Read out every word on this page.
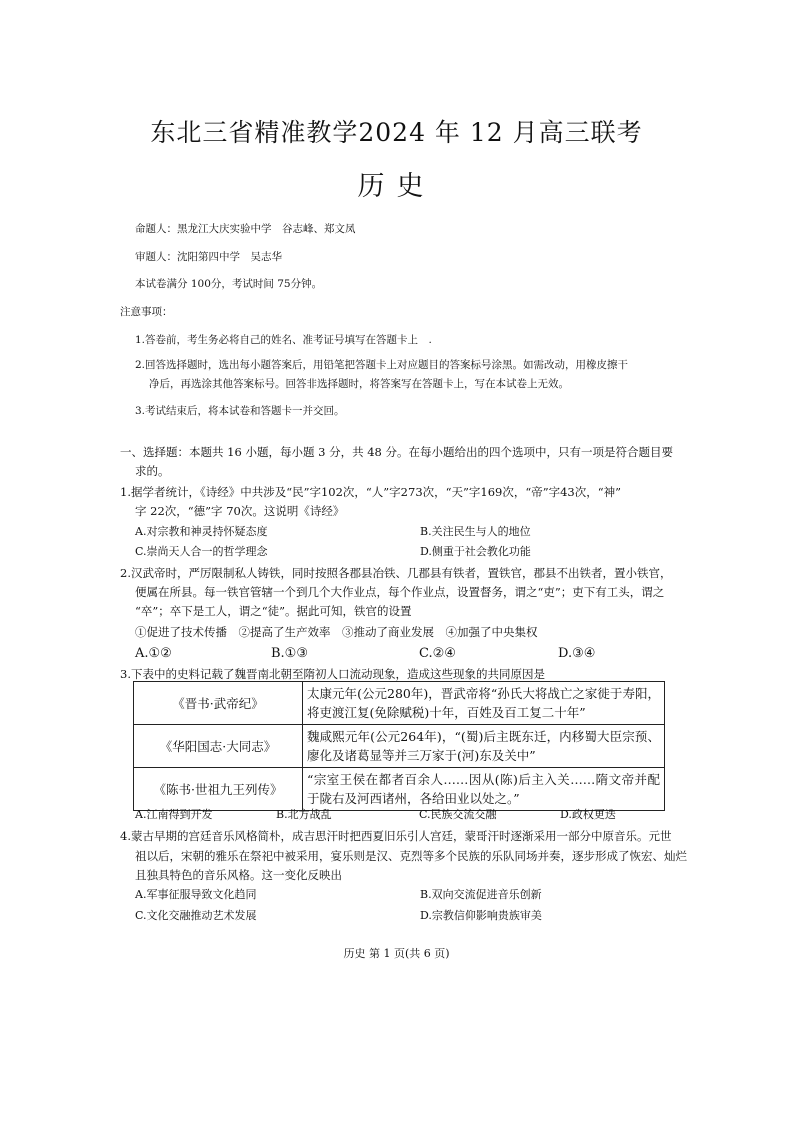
东北三省精准教学2024 年 12 月高三联考
历史
命题人：黑龙江大庆实验中学　谷志峰、郑文凤
审题人：沈阳第四中学　吴志华
本试卷满分 100分，考试时间 75分钟。
注意事项：
1.答卷前，考生务必将自己的姓名、准考证号填写在答题卡上　.
2.回答选择题时，选出每小题答案后，用铅笔把答题卡上对应题目的答案标号涂黑。如需改动，用橡皮擦干
净后，再选涂其他答案标号。回答非选择题时，将答案写在答题卡上，写在本试卷上无效。
3.考试结束后，将本试卷和答题卡一并交回。
一、选择题：本题共 16 小题，每小题 3 分，共 48 分。在每小题给出的四个选项中，只有一项是符合题目要
求的。
1.据学者统计，《诗经》中共涉及“民”字102次，“人”字273次，“天”字169次，“帝”字43次，“神”
字 22次，“德”字 70次。这说明《诗经》
A.对宗教和神灵持怀疑态度	B.关注民生与人的地位
C.崇尚天人合一的哲学理念	D.侧重于社会教化功能
2.汉武帝时，严厉限制私人铸铁，同时按照各郡县冶铁、几郡县有铁者，置铁官，郡县不出铁者，置小铁官，
便属在所县。每一铁官管辖一个到几个大作业点，每个作业点，设置督务，谓之“吏”；吏下有工头，谓之
“卒”；卒下是工人，谓之“徒”。据此可知，铁官的设置
①促进了技术传播　②提高了生产效率　③推动了商业发展　④加强了中央集权
A.①②	B.①③	C.②④	D.③④
3.下表中的史料记载了魏晋南北朝至隋初人口流动现象，造成这些现象的共同原因是
《晋书·武帝纪》	太康元年(公元280年)，晋武帝将“孙氏大将战亡之家徙于寿阳，将吏渡江复(免除赋税)十年，百姓及百工复二十年”
《华阳国志·大同志》	魏咸熙元年(公元264年)，“(蜀)后主既东迁，内移蜀大臣宗预、廖化及诸葛显等并三万家于(河)东及关中”
《陈书·世祖九王列传》	“宗室王侯在都者百余人……因从(陈)后主入关……隋文帝并配于陇右及河西诸州，各给田业以处之。”
A.江南得到开发	B.北方战乱	C.民族交流交融	D.政权更迭
4.蒙古早期的宫廷音乐风格简朴，成吉思汗时把西夏旧乐引人宫廷，蒙哥汗时逐渐采用一部分中原音乐。元世
祖以后，宋朝的雅乐在祭祀中被采用，宴乐则是汉、克烈等多个民族的乐队同场并奏，逐步形成了恢宏、灿烂
且独具特色的音乐风格。这一变化反映出
A.军事征服导致文化趋同	B.双向交流促进音乐创新
C.文化交融推动艺术发展	D.宗教信仰影响贵族审美
历史 第 1 页(共 6 页)
